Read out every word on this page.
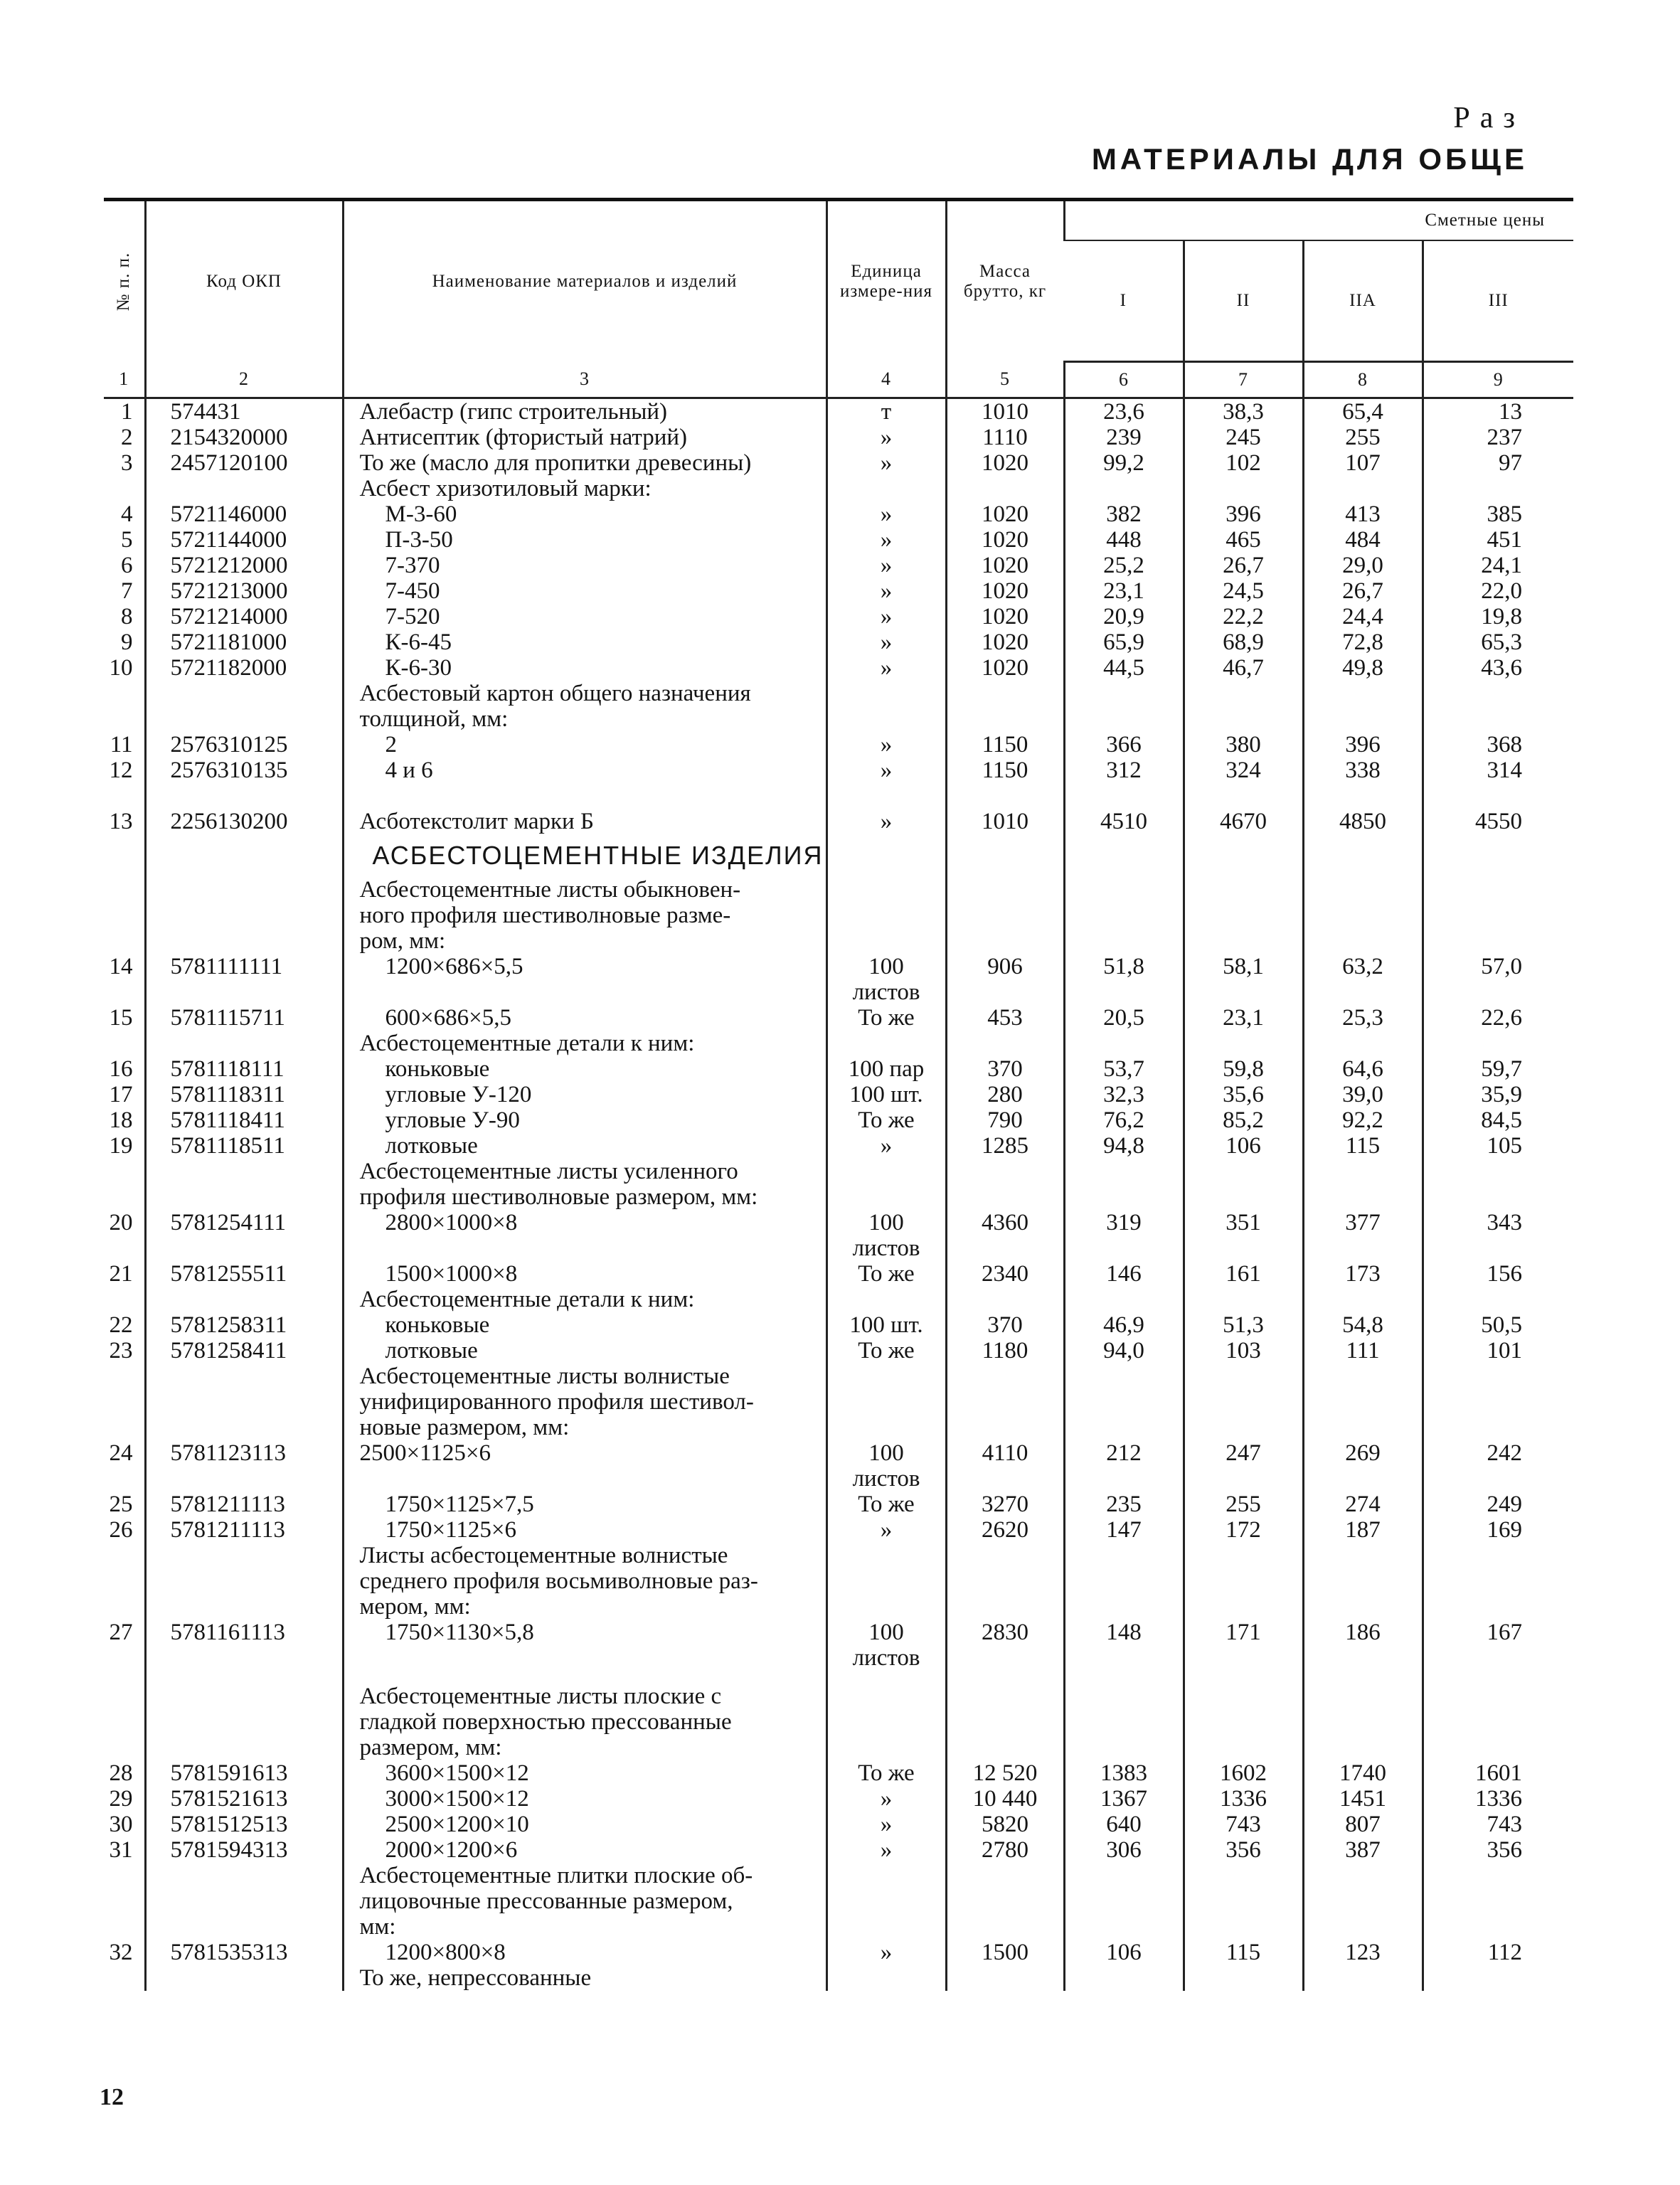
Раз
МАТЕРИАЛЫ ДЛЯ ОБЩЕ
№ п. п.	Код ОКП	Наименование материалов и изделий	Единица измере-ния	Масса брутто, кг	Сметные цены			
					I	II	IIA	III
1	2	3	4	5	6	7	8	9
1	574431	Алебастр (гипс строительный)	т	1010	23,6	38,3	65,4	13
2	2154320000	Антисептик (фтористый натрий)	»	1110	239	245	255	237
3	2457120100	То же (масло для пропитки древесины)	»	1020	99,2	102	107	97
		Асбест хризотиловый марки:						
4	5721146000	М-3-60	»	1020	382	396	413	385
5	5721144000	П-3-50	»	1020	448	465	484	451
6	5721212000	7-370	»	1020	25,2	26,7	29,0	24,1
7	5721213000	7-450	»	1020	23,1	24,5	26,7	22,0
8	5721214000	7-520	»	1020	20,9	22,2	24,4	19,8
9	5721181000	К-6-45	»	1020	65,9	68,9	72,8	65,3
10	5721182000	К-6-30	»	1020	44,5	46,7	49,8	43,6
		Асбестовый картон общего назначения						
		толщиной, мм:						
11	2576310125	2	»	1150	366	380	396	368
12	2576310135	4 и 6	»	1150	312	324	338	314

13	2256130200	Асботекстолит марки Б	»	1010	4510	4670	4850	4550
		АСБЕСТОЦЕМЕНТНЫЕ ИЗДЕЛИЯ						
		Асбестоцементные листы обыкновен-						
		ного профиля шестиволновые разме-						
		ром, мм:						
14	5781111111	1200×686×5,5	100	906	51,8	58,1	63,2	57,0
			листов					
15	5781115711	600×686×5,5	То же	453	20,5	23,1	25,3	22,6
		Асбестоцементные детали к ним:						
16	5781118111	коньковые	100 пар	370	53,7	59,8	64,6	59,7
17	5781118311	угловые У-120	100 шт.	280	32,3	35,6	39,0	35,9
18	5781118411	угловые У-90	То же	790	76,2	85,2	92,2	84,5
19	5781118511	лотковые	»	1285	94,8	106	115	105
		Асбестоцементные листы усиленного						
		профиля шестиволновые размером, мм:						
20	5781254111	2800×1000×8	100	4360	319	351	377	343
			листов					
21	5781255511	1500×1000×8	То же	2340	146	161	173	156
		Асбестоцементные детали к ним:						
22	5781258311	коньковые	100 шт.	370	46,9	51,3	54,8	50,5
23	5781258411	лотковые	То же	1180	94,0	103	111	101
		Асбестоцементные листы волнистые						
		унифицированного профиля шестивол-						
		новые размером, мм:						
24	5781123113	2500×1125×6	100	4110	212	247	269	242
			листов					
25	5781211113	1750×1125×7,5	То же	3270	235	255	274	249
26	5781211113	1750×1125×6	»	2620	147	172	187	169
		Листы асбестоцементные волнистые						
		среднего профиля восьмиволновые раз-						
		мером, мм:						
27	5781161113	1750×1130×5,8	100	2830	148	171	186	167
			листов					

		Асбестоцементные листы плоские с						
		гладкой поверхностью прессованные						
		размером, мм:						
28	5781591613	3600×1500×12	То же	12 520	1383	1602	1740	1601
29	5781521613	3000×1500×12	»	10 440	1367	1336	1451	1336
30	5781512513	2500×1200×10	»	5820	640	743	807	743
31	5781594313	2000×1200×6	»	2780	306	356	387	356
		Асбестоцементные плитки плоские об-						
		лицовочные прессованные размером,						
		мм:						
32	5781535313	1200×800×8	»	1500	106	115	123	112
		То же, непрессованные						
12
